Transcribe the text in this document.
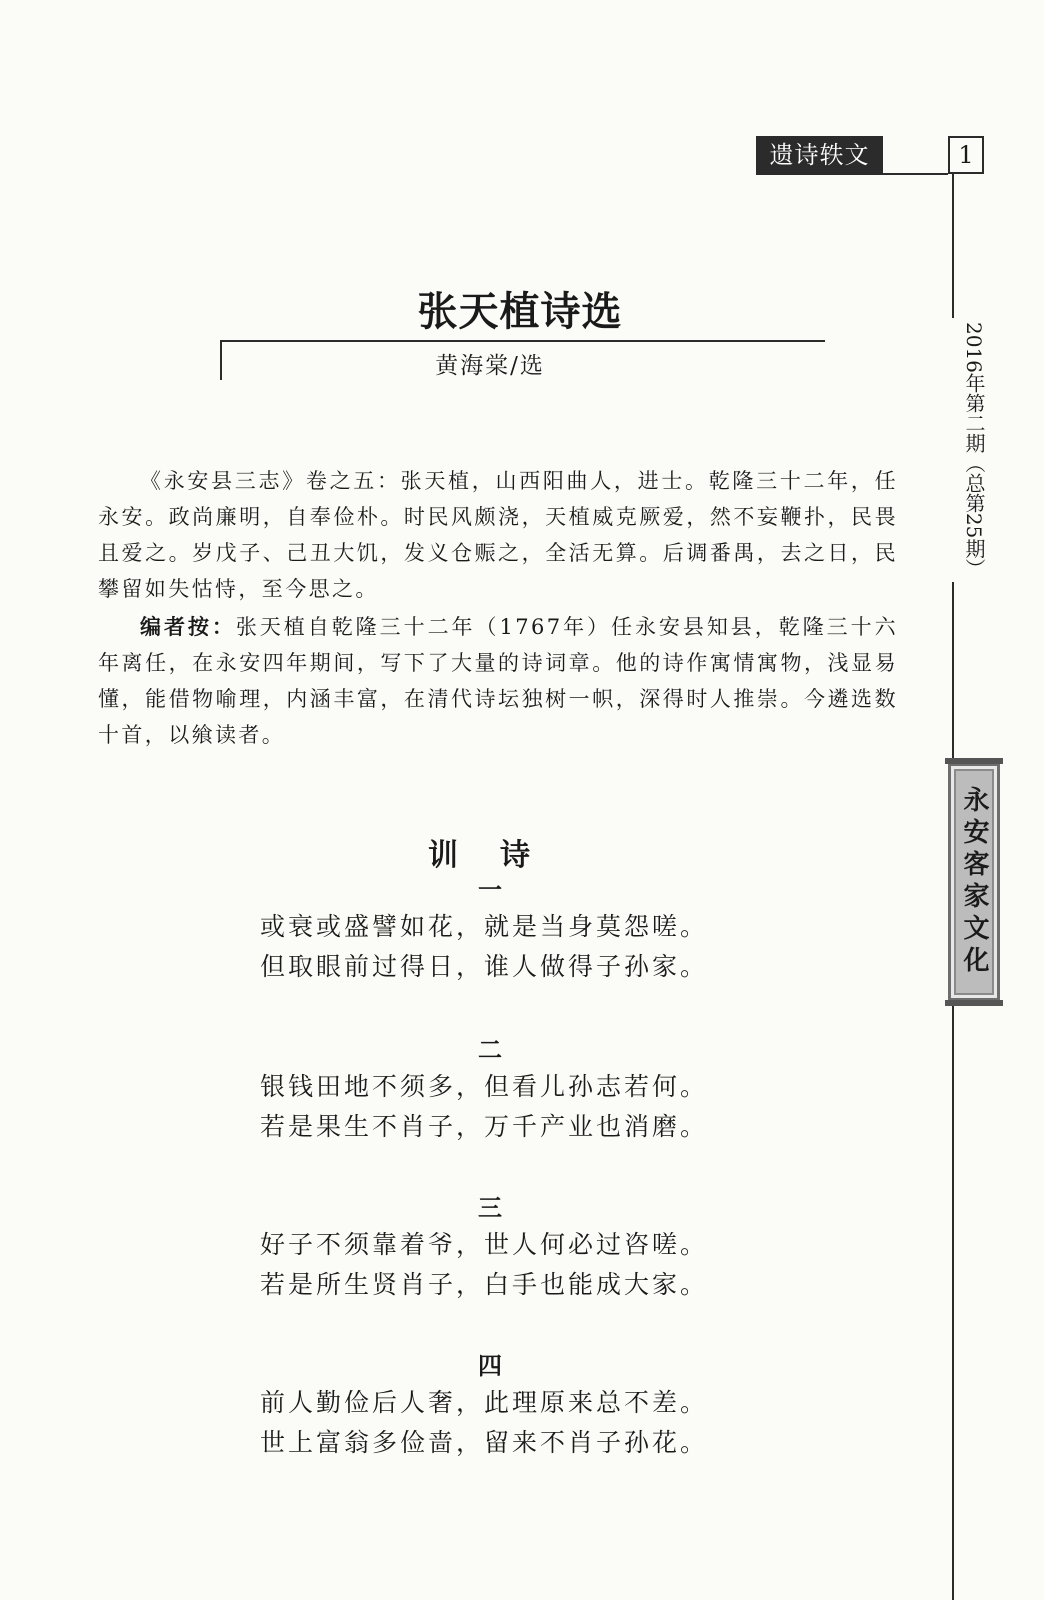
遗诗轶文	1
2016年第二期（总第25期）
永安客家文化
张天植诗选
黄海棠/选

《永安县三志》卷之五：张天植，山西阳曲人，进士。乾隆三十二年，任永安。政尚廉明，自奉俭朴。时民风颇浇，天植威克厥爱，然不妄鞭扑，民畏且爱之。岁戊子、己丑大饥，发义仓赈之，全活无算。后调番禺，去之日，民攀留如失怙恃，至今思之。

编者按：张天植自乾隆三十二年（1767年）任永安县知县，乾隆三十六年离任，在永安四年期间，写下了大量的诗词章。他的诗作寓情寓物，浅显易懂，能借物喻理，内涵丰富，在清代诗坛独树一帜，深得时人推崇。今遴选数十首，以飨读者。

训诗
一
或衰或盛譬如花，就是当身莫怨嗟。
但取眼前过得日，谁人做得子孙家。
二
银钱田地不须多，但看儿孙志若何。
若是果生不肖子，万千产业也消磨。
三
好子不须靠着爷，世人何必过咨嗟。
若是所生贤肖子，白手也能成大家。
四
前人勤俭后人奢，此理原来总不差。
世上富翁多俭啬，留来不肖子孙花。
